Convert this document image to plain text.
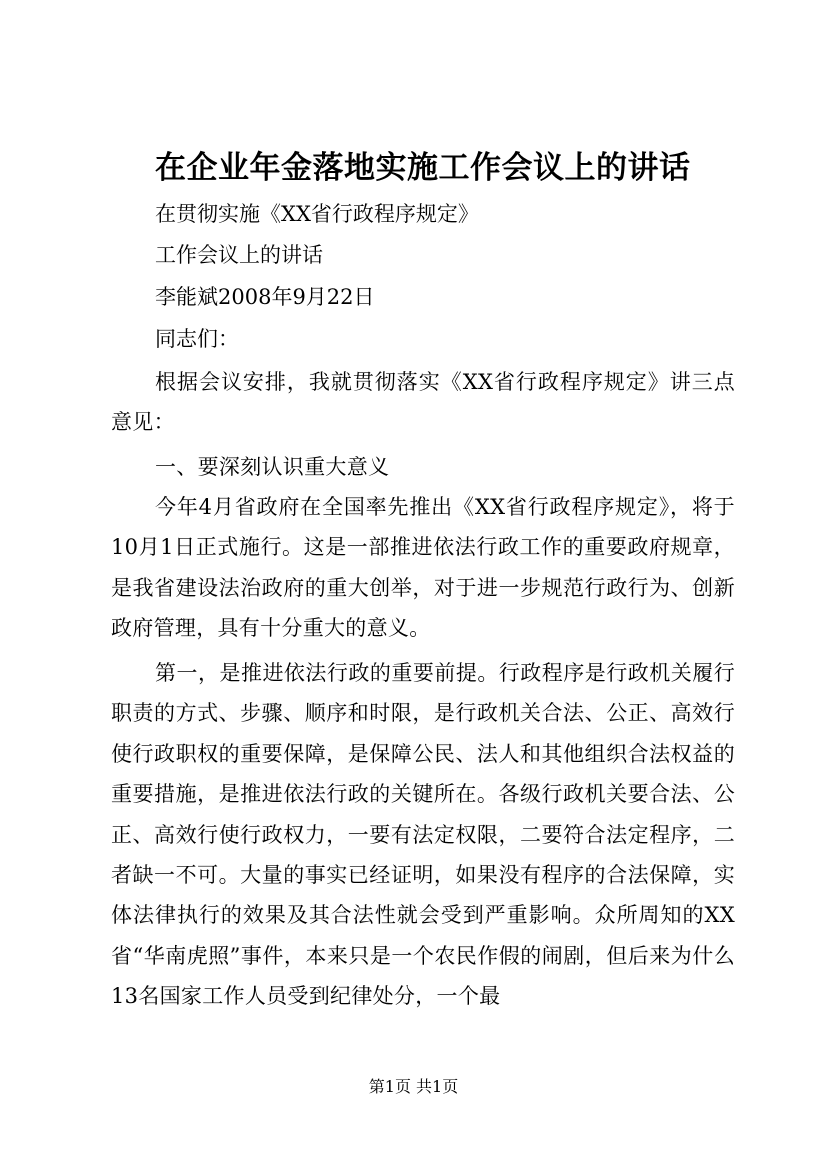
在企业年金落地实施工作会议上的讲话
在贯彻实施《XX省行政程序规定》
工作会议上的讲话
李能斌2008年9月22日
同志们：

根据会议安排，我就贯彻落实《XX省行政程序规定》讲三点意见：

一、要深刻认识重大意义

今年4月省政府在全国率先推出《XX省行政程序规定》，将于10月1日正式施行。这是一部推进依法行政工作的重要政府规章，是我省建设法治政府的重大创举，对于进一步规范行政行为、创新政府管理，具有十分重大的意义。

第一，是推进依法行政的重要前提。行政程序是行政机关履行职责的方式、步骤、顺序和时限，是行政机关合法、公正、高效行使行政职权的重要保障，是保障公民、法人和其他组织合法权益的重要措施，是推进依法行政的关键所在。各级行政机关要合法、公正、高效行使行政权力，一要有法定权限，二要符合法定程序，二者缺一不可。大量的事实已经证明，如果没有程序的合法保障，实体法律执行的效果及其合法性就会受到严重影响。众所周知的XX省“华南虎照”事件，本来只是一个农民作假的闹剧，但后来为什么13名国家工作人员受到纪律处分，一个最

第1页 共1页
